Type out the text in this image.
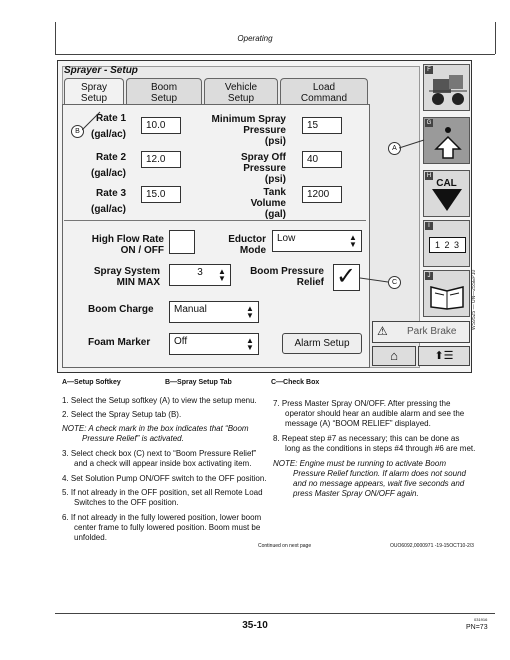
Operating
Sprayer - Setup
Spray
Setup
Boom
Setup
Vehicle
Setup
Load
Command
Rate 1
(gal/ac)
10.0
Rate 2
(gal/ac)
12.0
Rate 3
(gal/ac)
15.0
Minimum Spray
Pressure
(psi)
15
Spray Off
Pressure
(psi)
40
Tank
Volume
(gal)
1200
High Flow Rate
ON / OFF
Eductor
Mode
Low	▲
▼
Spray System
MIN MAX
3 ▲
▼
Boom Pressure
Relief ✓
Boom Charge	Manual	▲
▼
Foam Marker	Off	▲
▼	Alarm Setup
⚠ Park Brake
⌂	⬆☰
F
G
H
CAL
I
1 2 3
J
B
A
C	WS9525 — UN—25SEP10
A—Setup Softkey	B—Spray Setup Tab	C—Check Box
1. Select the Setup softkey (A) to view the setup menu.
2. Select the Spray Setup tab (B).
NOTE: A check mark in the box indicates that “Boom
Pressure Relief” is activated.
3. Select check box (C) next to “Boom Pressure Relief”
and a check will appear inside box activating item.
4. Set Solution Pump ON/OFF switch to the OFF position.
5. If not already in the OFF position, set all Remote Load
Switches to the OFF position.
6. If not already in the fully lowered position, lower boom
center frame to fully lowered position. Boom must be
unfolded.
7. Press Master Spray ON/OFF. After pressing the
operator should hear an audible alarm and see the
message (A) “BOOM RELIEF” displayed.
8. Repeat step #7 as necessary; this can be done as
long as the conditions in steps #4 through #6 are met.
NOTE: Engine must be running to activate Boom
Pressure Relief function. If alarm does not sound
and no message appears, wait five seconds and
press Master Spray ON/OFF again.
Continued on next page	OUO6092,0000971 -19-15OCT10-2/3
35-10
031916
PN=73
